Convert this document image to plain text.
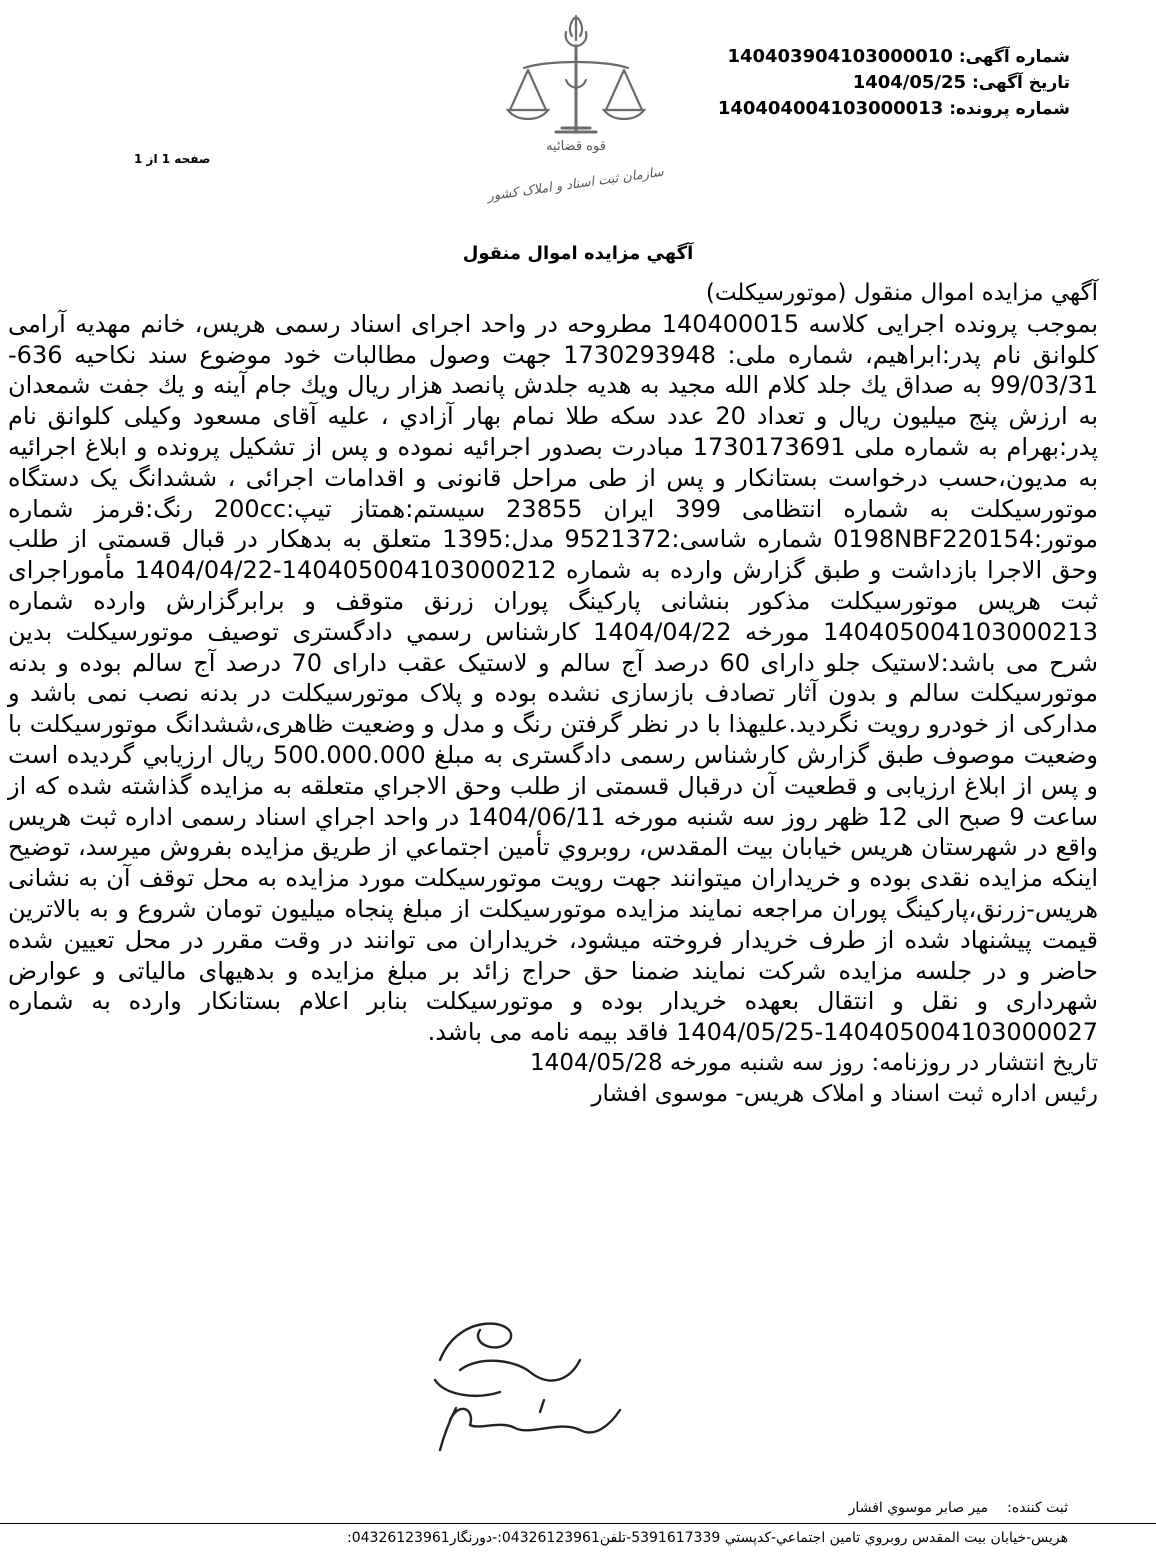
شماره آگهی: 140403904103000010
تاریخ آگهی: 1404/05/25
شماره پرونده: 140404004103000013
صفحه 1 از 1
قوه قضائیه
سازمان ثبت اسناد و املاک کشور
آگهي مزايده اموال منقول

آگهي مزايده اموال منقول (موتورسيكلت)

بموجب پرونده اجرايی كلاسه 140400015 مطروحه در واحد اجرای اسناد رسمی هريس، خانم مهديه آرامی كلوانق نام پدر:ابراهيم، شماره ملی: 1730293948 جهت وصول مطالبات خود موضوع سند نكاحيه 636-99/03/31 به صداق يك جلد كلام الله مجيد به هديه جلدش پانصد هزار ريال ويك جام آينه و يك جفت شمعدان به ارزش پنج ميليون ريال و تعداد 20 عدد سكه طلا نمام بهار آزادي ، عليه آقای مسعود وكيلی كلوانق نام پدر:بهرام به شماره ملی 1730173691 مبادرت بصدور اجرائيه نموده و پس از تشكيل پرونده و ابلاغ اجرائيه به مديون،حسب درخواست بستانكار و پس از طی مراحل قانونی و اقدامات اجرائی ، ششدانگ يک دستگاه موتورسيكلت به شماره انتظامی 399 ايران 23855 سيستم:همتاز تيپ:200cc رنگ:قرمز شماره موتور:0198NBF220154 شماره شاسی:9521372 مدل:1395 متعلق به بدهكار در قبال قسمتی از طلب وحق الاجرا بازداشت و طبق گزارش وارده به شماره 140405004103000212-1404/04/22 مأموراجرای ثبت هريس موتورسيكلت مذكور بنشانی پاركينگ پوران زرنق متوقف و برابرگزارش وارده شماره 140405004103000213 مورخه 1404/04/22 كارشناس رسمي دادگستری توصيف موتورسيكلت بدين شرح می باشد:لاستيک جلو دارای 60 درصد آج سالم و لاستيک عقب دارای 70 درصد آج سالم بوده و بدنه موتورسيكلت سالم و بدون آثار تصادف بازسازی نشده بوده و پلاک موتورسيكلت در بدنه نصب نمی باشد و مداركی از خودرو رويت نگرديد.عليهذا با در نظر گرفتن رنگ و مدل و وضعيت ظاهری،ششدانگ موتورسيكلت با وضعيت موصوف طبق گزارش كارشناس رسمی دادگستری به مبلغ 500.000.000 ريال ارزيابي گرديده است و پس از ابلاغ ارزيابی و قطعيت آن درقبال قسمتی از طلب وحق الاجراي متعلقه به مزايده گذاشته شده كه از ساعت 9 صبح الی 12 ظهر روز سه شنبه مورخه 1404/06/11 در واحد اجراي اسناد رسمی اداره ثبت هريس واقع در شهرستان هريس خيابان بيت المقدس، روبروي تأمين اجتماعي از طريق مزايده بفروش ميرسد، توضيح اينكه مزايده نقدی بوده و خريداران ميتوانند جهت رويت موتورسيكلت مورد مزايده به محل توقف آن به نشانی هريس-زرنق،پاركينگ پوران مراجعه نمايند مزايده موتورسيكلت از مبلغ پنجاه ميليون تومان شروع و به بالاترين قيمت پيشنهاد شده از طرف خريدار فروخته ميشود، خريداران می توانند در وقت مقرر در محل تعيين شده حاضر و در جلسه مزايده شركت نمايند ضمنا حق حراج زائد بر مبلغ مزايده و بدهيهای مالياتی و عوارض شهرداری و نقل و انتقال بعهده خريدار بوده و موتورسيكلت بنابر اعلام بستانكار وارده به شماره 140405004103000027-1404/05/25 فاقد بيمه نامه می باشد.

تاريخ انتشار در روزنامه: روز سه شنبه مورخه 1404/05/28

رئيس اداره ثبت اسناد و املاک هريس- موسوی افشار

ثبت كننده:
مير صابر موسوي افشار
هريس-خيابان بيت المقدس روبروي تامين اجتماعي-كدپستي 5391617339-تلفن04326123961:-دورنگار04326123961:
